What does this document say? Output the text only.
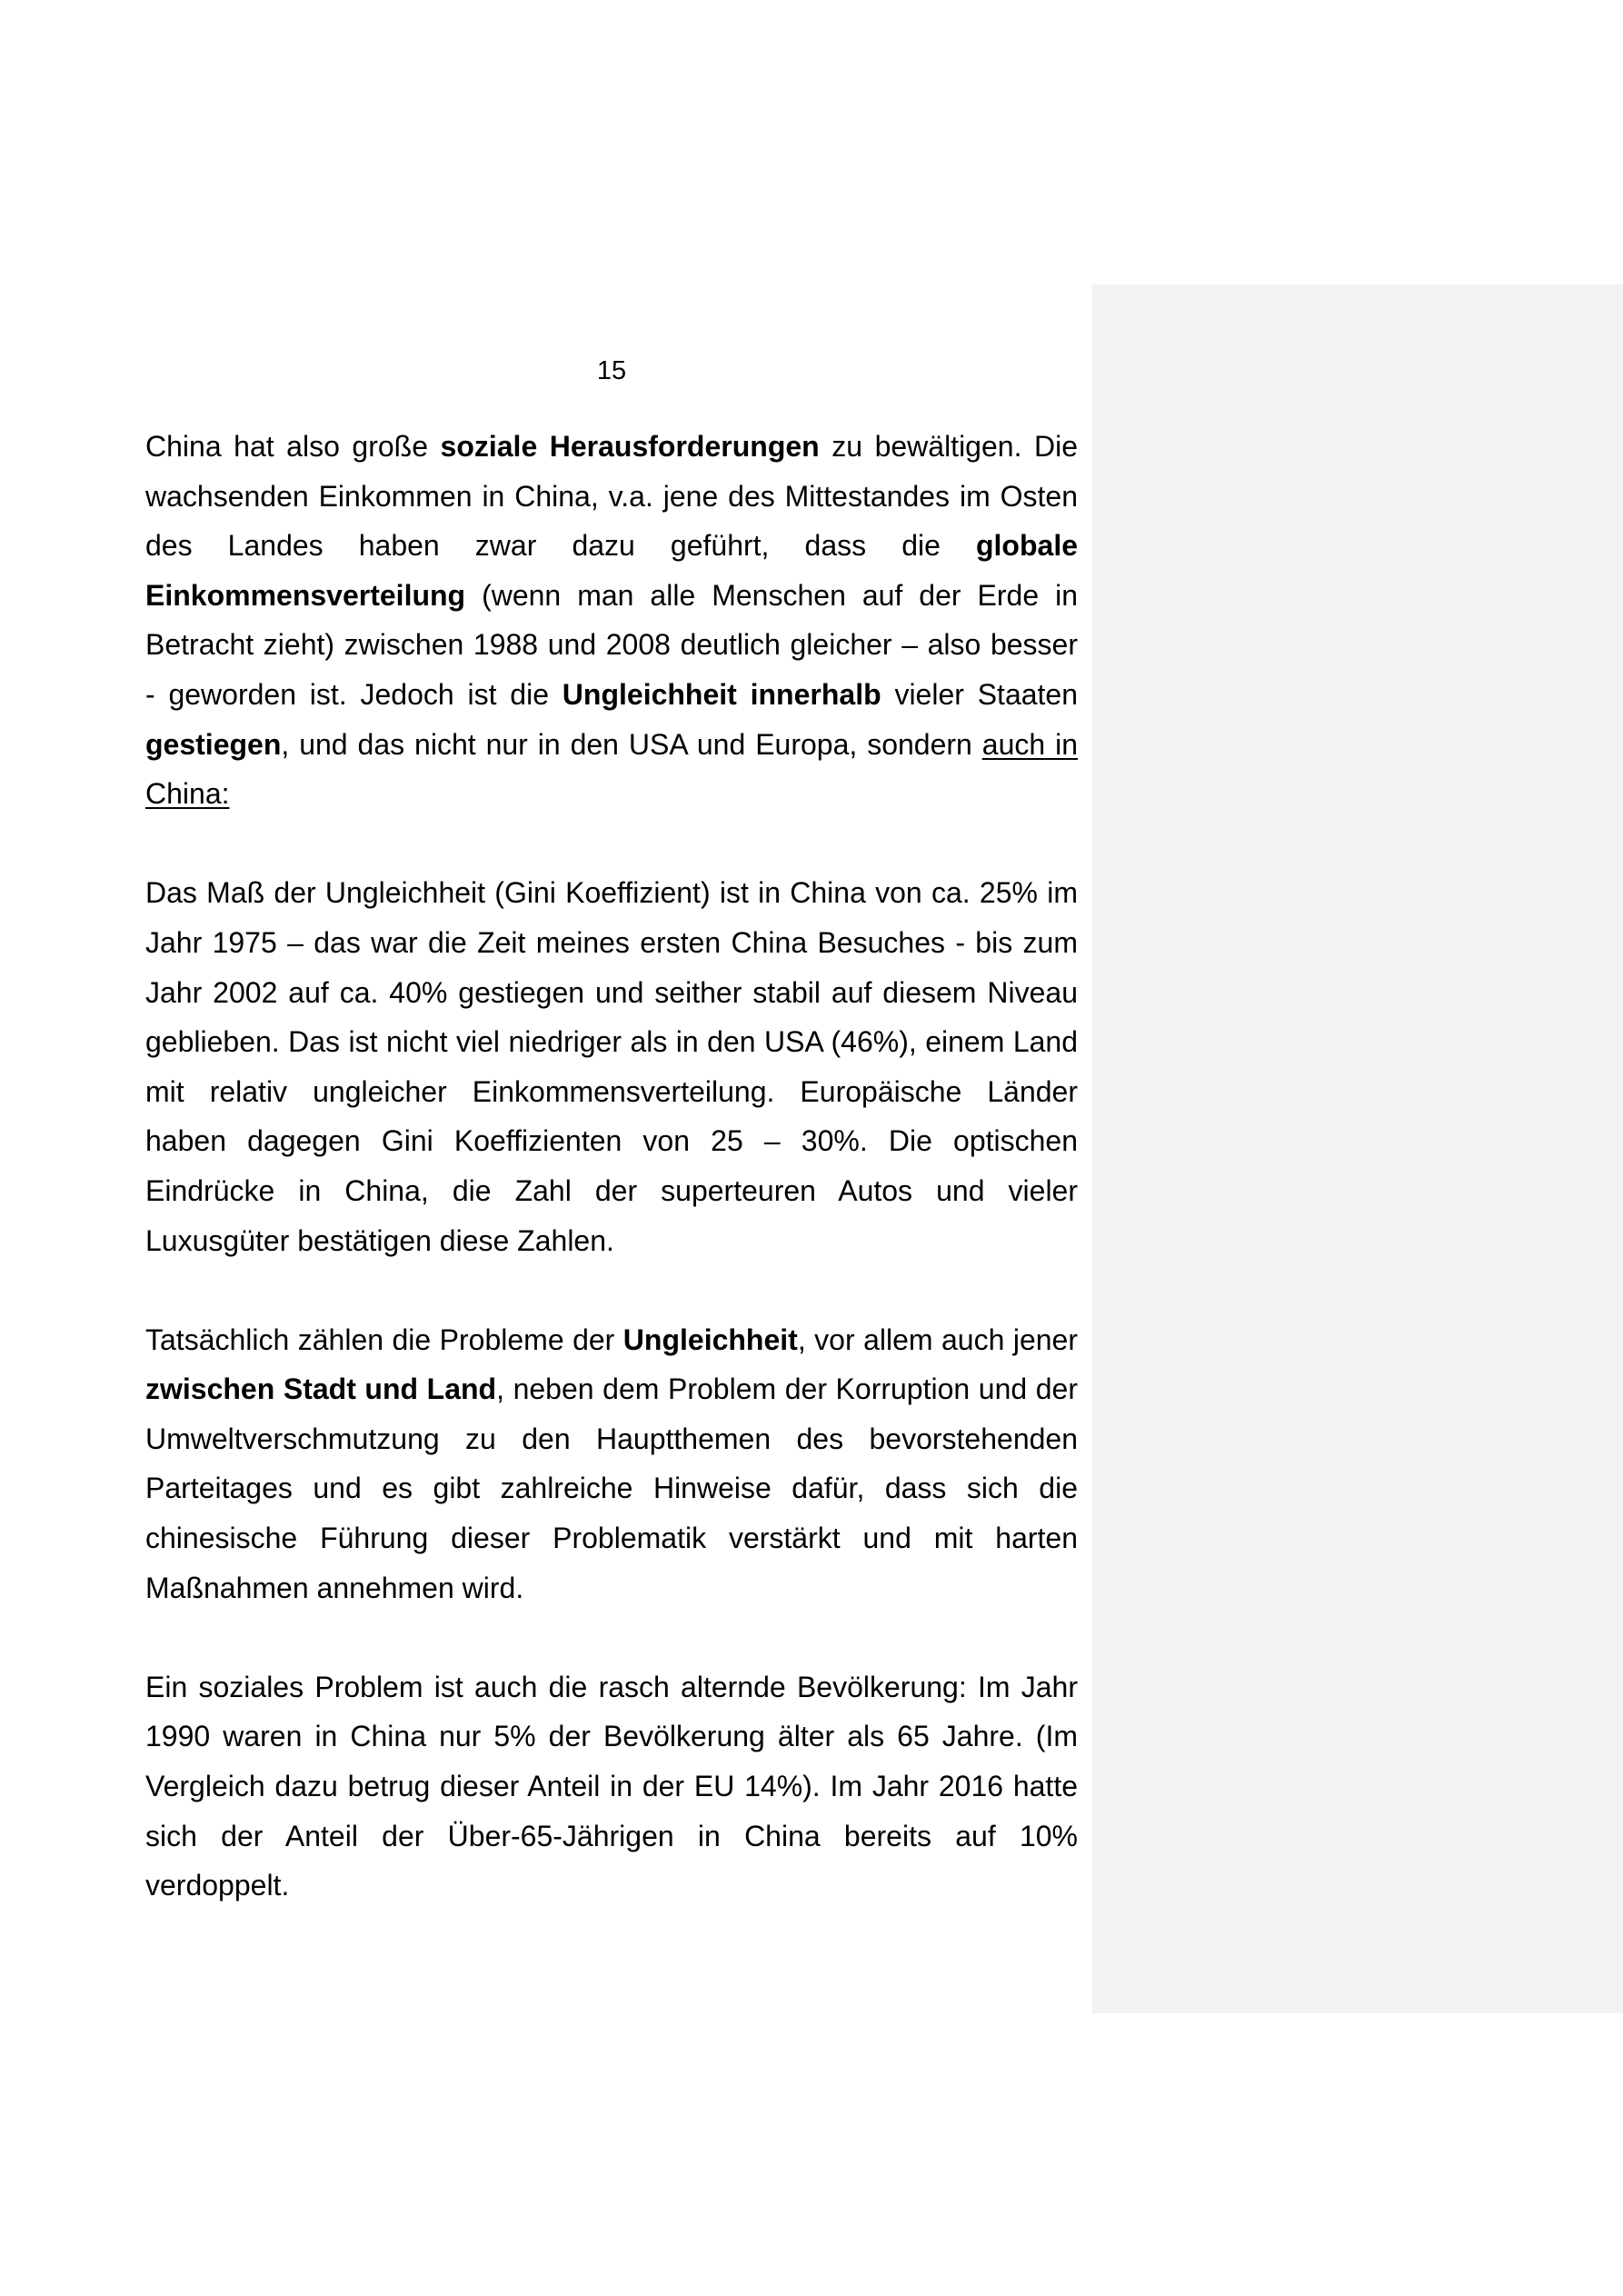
15

China hat also große soziale Herausforderungen zu bewältigen. Die wachsenden Einkommen in China, v.a. jene des Mittestandes im Osten des Landes haben zwar dazu geführt, dass die globale Einkommensverteilung (wenn man alle Menschen auf der Erde in Betracht zieht) zwischen 1988 und 2008 deutlich gleicher – also besser - geworden ist. Jedoch ist die Ungleichheit innerhalb vieler Staaten gestiegen, und das nicht nur in den USA und Europa, sondern auch in China:

Das Maß der Ungleichheit (Gini Koeffizient) ist in China von ca. 25% im Jahr 1975 – das war die Zeit meines ersten China Besuches - bis zum Jahr 2002 auf ca. 40% gestiegen und seither stabil auf diesem Niveau geblieben. Das ist nicht viel niedriger als in den USA (46%), einem Land mit relativ ungleicher Einkommensverteilung. Europäische Länder haben dagegen Gini Koeffizienten von 25 – 30%. Die optischen Eindrücke in China, die Zahl der superteuren Autos und vieler Luxusgüter bestätigen diese Zahlen.

Tatsächlich zählen die Probleme der Ungleichheit, vor allem auch jener zwischen Stadt und Land, neben dem Problem der Korruption und der Umweltverschmutzung zu den Hauptthemen des bevorstehenden Parteitages und es gibt zahlreiche Hinweise dafür, dass sich die chinesische Führung dieser Problematik verstärkt und mit harten Maßnahmen annehmen wird.

Ein soziales Problem ist auch die rasch alternde Bevölkerung: Im Jahr 1990 waren in China nur 5% der Bevölkerung älter als 65 Jahre. (Im Vergleich dazu betrug dieser Anteil in der EU 14%). Im Jahr 2016 hatte sich der Anteil der Über-65-Jährigen in China bereits auf 10% verdoppelt.
